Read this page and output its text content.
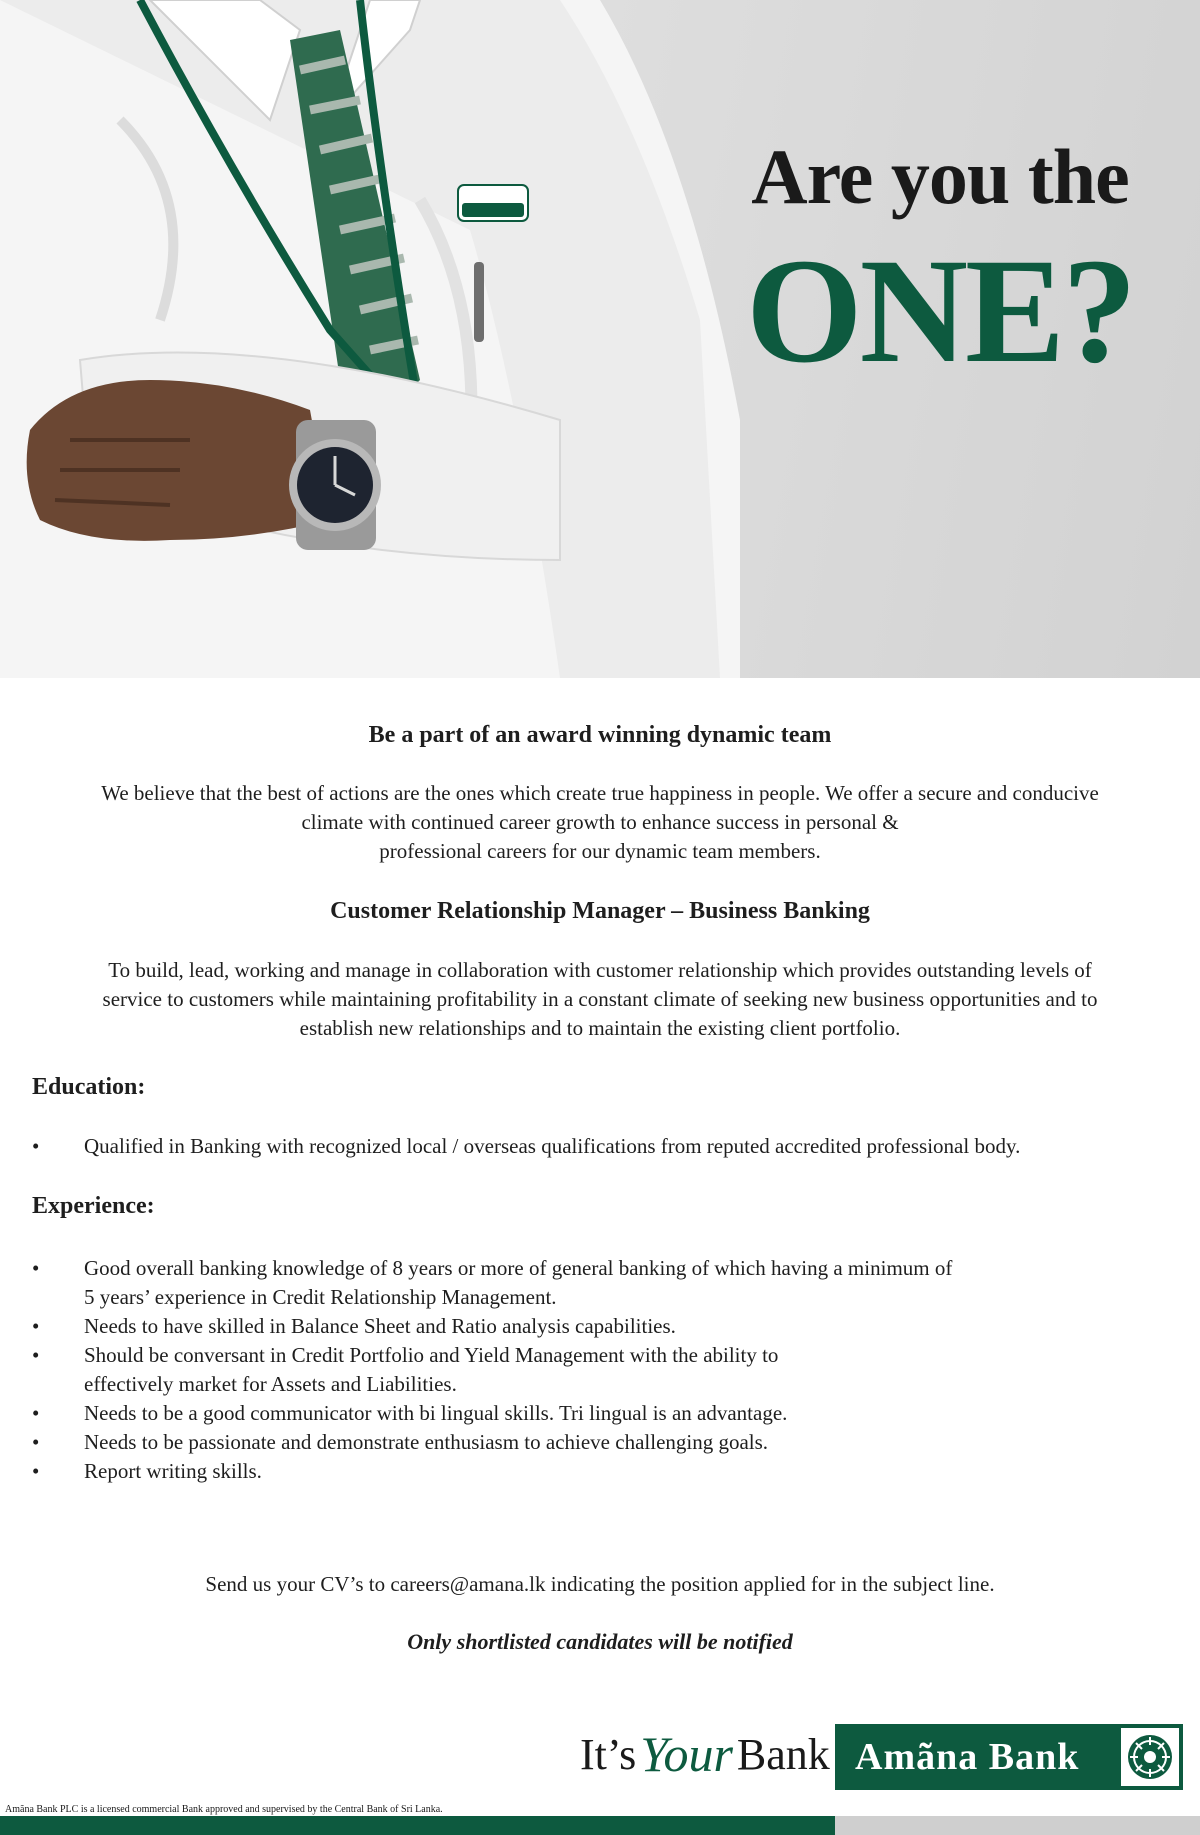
Are you the
ONE?
Be a part of an award winning dynamic team
We believe that the best of actions are the ones which create true happiness in people. We offer a secure and conducive
climate with continued career growth to enhance success in personal &
professional careers for our dynamic team members.
Customer Relationship Manager – Business Banking
To build, lead, working and manage in collaboration with customer relationship which provides outstanding levels of
service to customers while maintaining profitability in a constant climate of seeking new business opportunities and to
establish new relationships and to maintain the existing client portfolio.
Education:
• Qualified in Banking with recognized local / overseas qualifications from reputed accredited professional body.
Experience:
• Good overall banking knowledge of 8 years or more of general banking of which having a minimum of
5 years’ experience in Credit Relationship Management.
• Needs to have skilled in Balance Sheet and Ratio analysis capabilities.
• Should be conversant in Credit Portfolio and Yield Management with the ability to
effectively market for Assets and Liabilities.
• Needs to be a good communicator with bi lingual skills. Tri lingual is an advantage.
• Needs to be passionate and demonstrate enthusiasm to achieve challenging goals.
• Report writing skills.
Send us your CV’s to careers@amana.lk indicating the position applied for in the subject line.
Only shortlisted candidates will be notified
It’s Your Bank Amãna Bank
Amãna Bank PLC is a licensed commercial Bank approved and supervised by the Central Bank of Sri Lanka.
